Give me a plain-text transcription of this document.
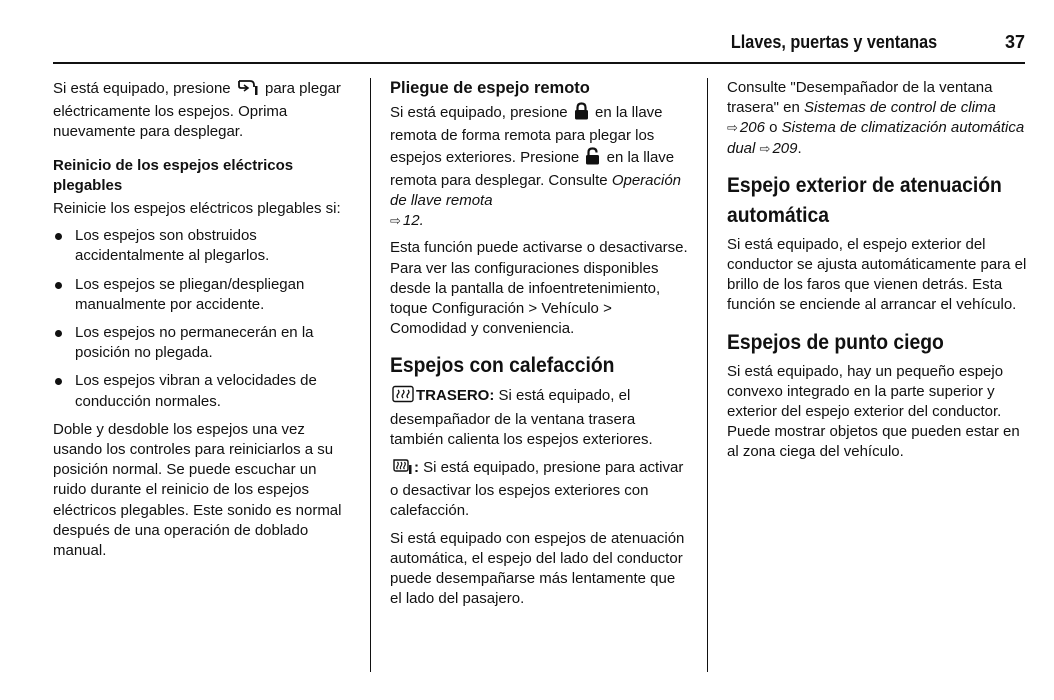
Llaves, puertas y ventanas	37

Si está equipado, presione para plegar eléctricamente los espejos. Oprima nuevamente para desplegar.

Reinicio de los espejos eléctricos plegables

Reinicie los espejos eléctricos plegables si:

Los espejos son obstruidos accidentalmente al plegarlos.
Los espejos se pliegan/despliegan manualmente por accidente.
Los espejos no permanecerán en la posición no plegada.
Los espejos vibran a velocidades de conducción normales.

Doble y desdoble los espejos una vez usando los controles para reiniciarlos a su posición normal. Se puede escuchar un ruido durante el reinicio de los espejos eléctricos plegables. Este sonido es normal después de una operación de doblado manual.

Pliegue de espejo remoto

Si está equipado, presione en la llave remota de forma remota para plegar los espejos exteriores. Presione en la llave remota para desplegar. Consulte Operación de llave remota
⇨ 12.

Esta función puede activarse o desactivarse. Para ver las configuraciones disponibles desde la pantalla de infoentretenimiento, toque Configuración > Vehículo > Comodidad y conveniencia.

Espejos con calefacción

TRASERO: Si está equipado, el desempañador de la ventana trasera también calienta los espejos exteriores.

: Si está equipado, presione para activar o desactivar los espejos exteriores con calefacción.

Si está equipado con espejos de atenuación automática, el espejo del lado del conductor puede desempañarse más lentamente que el lado del pasajero.

Consulte "Desempañador de la ventana trasera" en Sistemas de control de clima
⇨ 206 o Sistema de climatización automática dual ⇨ 209.

Espejo exterior de atenuación automática

Si está equipado, el espejo exterior del conductor se ajusta automáticamente para el brillo de los faros que vienen detrás. Esta función se enciende al arrancar el vehículo.

Espejos de punto ciego

Si está equipado, hay un pequeño espejo convexo integrado en la parte superior y exterior del espejo exterior del conductor. Puede mostrar objetos que pueden estar en al zona ciega del vehículo.
